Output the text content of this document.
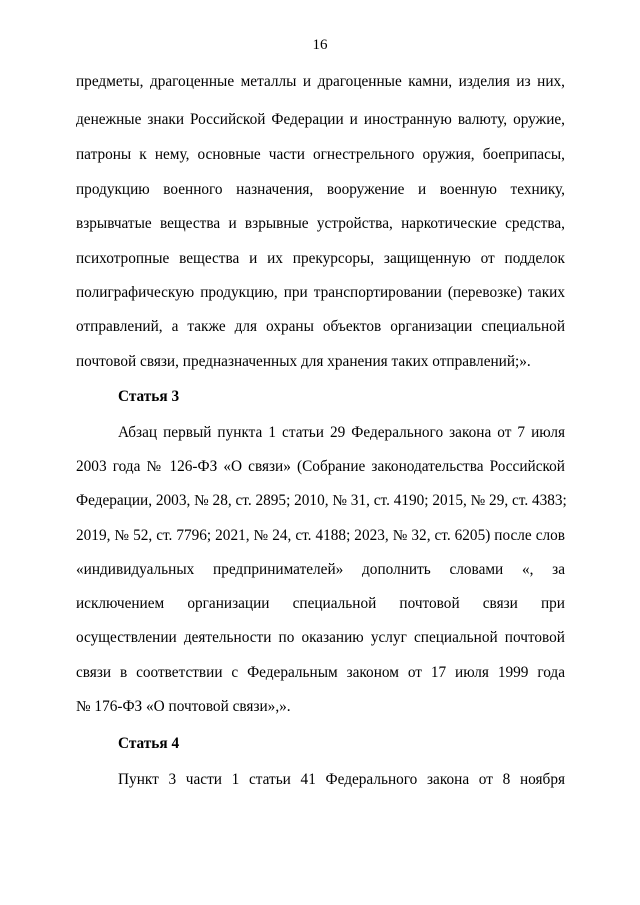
16
предметы, драгоценные металлы и драгоценные камни, изделия из них,
денежные знаки Российской Федерации и иностранную валюту, оружие,
патроны к нему, основные части огнестрельного оружия, боеприпасы,
продукцию военного назначения, вооружение и военную технику,
взрывчатые вещества и взрывные устройства, наркотические средства,
психотропные вещества и их прекурсоры, защищенную от подделок
полиграфическую продукцию, при транспортировании (перевозке) таких
отправлений, а также для охраны объектов организации специальной
почтовой связи, предназначенных для хранения таких отправлений;».
Статья 3
Абзац первый пункта 1 статьи 29 Федерального закона от 7 июля
2003 года № 126-ФЗ «О связи» (Собрание законодательства Российской
Федерации, 2003, № 28, ст. 2895; 2010, № 31, ст. 4190; 2015, № 29, ст. 4383;
2019, № 52, ст. 7796; 2021, № 24, ст. 4188; 2023, № 32, ст. 6205) после слов
«индивидуальных предпринимателей» дополнить словами «, за
исключением организации специальной почтовой связи при
осуществлении деятельности по оказанию услуг специальной почтовой
связи в соответствии с Федеральным законом от 17 июля 1999 года
№ 176-ФЗ «О почтовой связи»,».
Статья 4
Пункт 3 части 1 статьи 41 Федерального закона от 8 ноября
